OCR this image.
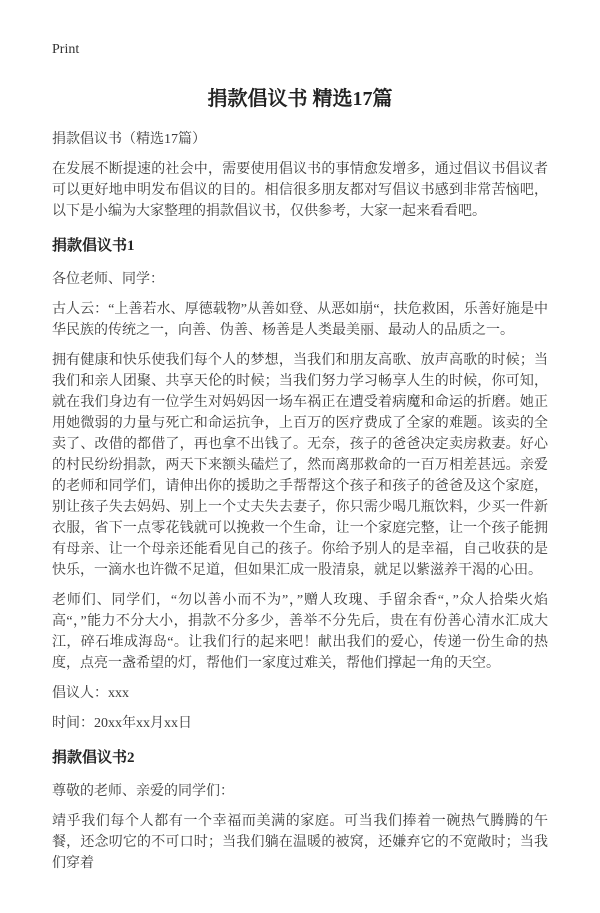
Print
捐款倡议书 精选17篇

捐款倡议书（精选17篇）

在发展不断提速的社会中，需要使用倡议书的事情愈发增多，通过倡议书倡议者可以更好地申明发布倡议的目的。相信很多朋友都对写倡议书感到非常苦恼吧，以下是小编为大家整理的捐款倡议书，仅供参考，大家一起来看看吧。

捐款倡议书1

各位老师、同学：

古人云：“上善若水、厚德载物”从善如登、从恶如崩“，扶危救困，乐善好施是中华民族的传统之一，向善、伪善、杨善是人类最美丽、最动人的品质之一。

拥有健康和快乐使我们每个人的梦想，当我们和朋友高歌、放声高歌的时候；当我们和亲人团聚、共享天伦的时候；当我们努力学习畅享人生的时候，你可知，就在我们身边有一位学生对妈妈因一场车祸正在遭受着病魔和命运的折磨。她正用她微弱的力量与死亡和命运抗争，上百万的医疗费成了全家的难题。该卖的全卖了、改借的都借了，再也拿不出钱了。无奈，孩子的爸爸决定卖房救妻。好心的村民纷纷捐款，两天下来额头磕烂了，然而离那救命的一百万相差甚远。亲爱的老师和同学们，请伸出你的援助之手帮帮这个孩子和孩子的爸爸及这个家庭，别让孩子失去妈妈、别上一个丈夫失去妻子，你只需少喝几瓶饮料，少买一件新衣服，省下一点零花钱就可以挽救一个生命，让一个家庭完整，让一个孩子能拥有母亲、让一个母亲还能看见自己的孩子。你给予别人的是幸福，自己收获的是快乐，一滴水也许微不足道，但如果汇成一股清泉，就足以紫滋养干渴的心田。

老师们、同学们，“勿以善小而不为”，”赠人玫瑰、手留余香“，”众人拾柴火焰高“，”能力不分大小，捐款不分多少，善举不分先后，贵在有份善心清水汇成大江，碎石堆成海岛“。让我们行的起来吧！献出我们的爱心，传递一份生命的热度，点亮一盏希望的灯，帮他们一家度过难关，帮他们撑起一角的天空。

倡议人：xxx

时间：20xx年xx月xx日

捐款倡议书2

尊敬的老师、亲爱的同学们：

靖乎我们每个人都有一个幸福而美满的家庭。可当我们捧着一碗热气腾腾的午餐，还念叨它的不可口时；当我们躺在温暖的被窝，还嫌弃它的不宽敞时；当我们穿着
